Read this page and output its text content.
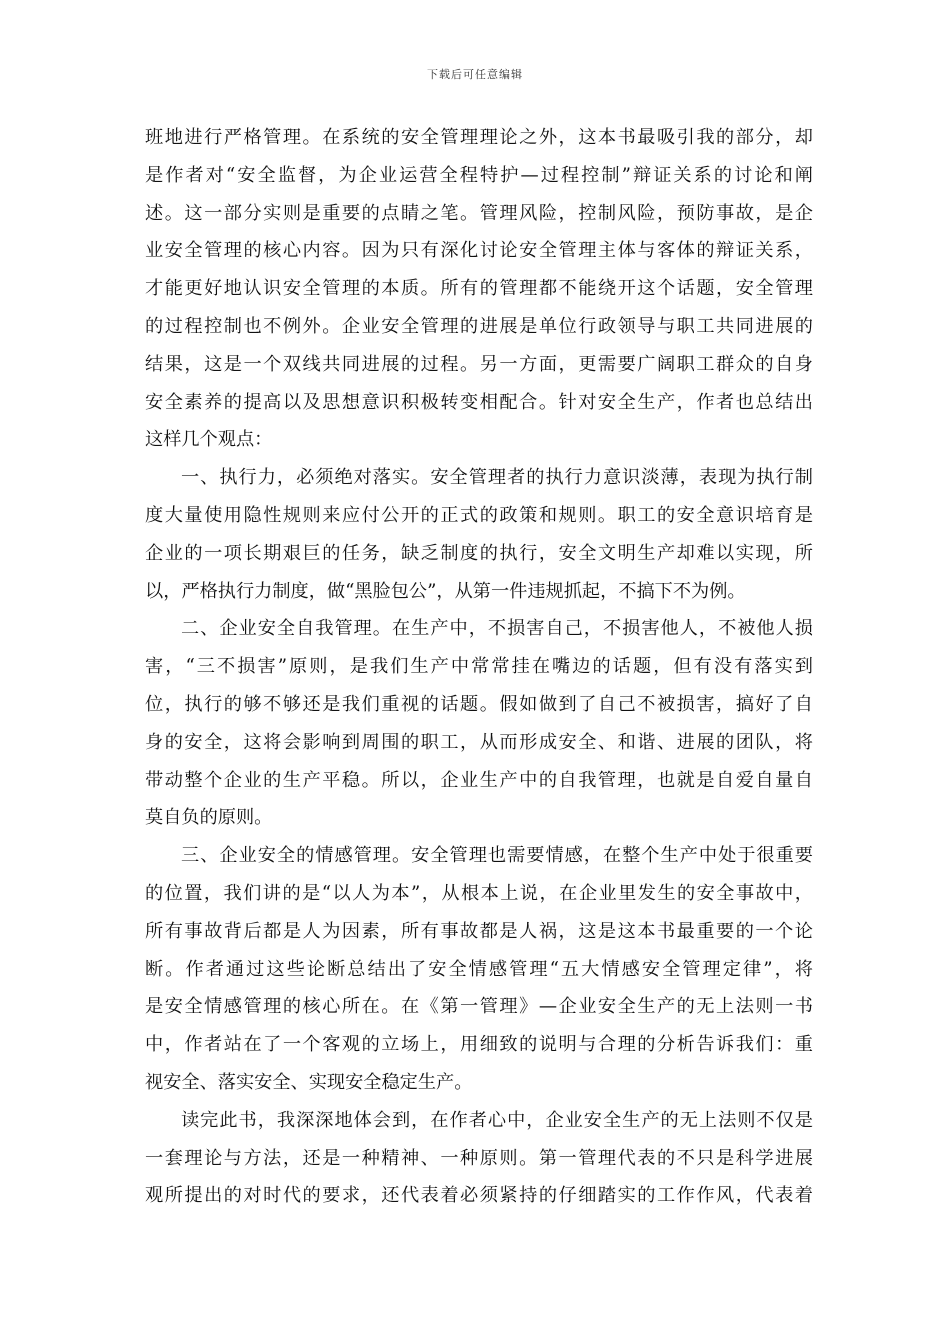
下载后可任意编辑
班地进行严格管理。在系统的安全管理理论之外，这本书最吸引我的部分，却
是作者对“安全监督，为企业运营全程特护—过程控制”辩证关系的讨论和阐
述。这一部分实则是重要的点睛之笔。管理风险，控制风险，预防事故，是企
业安全管理的核心内容。因为只有深化讨论安全管理主体与客体的辩证关系，
才能更好地认识安全管理的本质。所有的管理都不能绕开这个话题，安全管理
的过程控制也不例外。企业安全管理的进展是单位行政领导与职工共同进展的
结果，这是一个双线共同进展的过程。另一方面，更需要广阔职工群众的自身
安全素养的提高以及思想意识积极转变相配合。针对安全生产，作者也总结出
这样几个观点：
一、执行力，必须绝对落实。安全管理者的执行力意识淡薄，表现为执行制
度大量使用隐性规则来应付公开的正式的政策和规则。职工的安全意识培育是
企业的一项长期艰巨的任务，缺乏制度的执行，安全文明生产却难以实现，所
以，严格执行力制度，做“黑脸包公”，从第一件违规抓起，不搞下不为例。
二、企业安全自我管理。在生产中，不损害自己，不损害他人，不被他人损
害，“三不损害”原则，是我们生产中常常挂在嘴边的话题，但有没有落实到
位，执行的够不够还是我们重视的话题。假如做到了自己不被损害，搞好了自
身的安全，这将会影响到周围的职工，从而形成安全、和谐、进展的团队，将
带动整个企业的生产平稳。所以，企业生产中的自我管理，也就是自爱自量自
莫自负的原则。
三、企业安全的情感管理。安全管理也需要情感，在整个生产中处于很重要
的位置，我们讲的是“以人为本”，从根本上说，在企业里发生的安全事故中，
所有事故背后都是人为因素，所有事故都是人祸，这是这本书最重要的一个论
断。作者通过这些论断总结出了安全情感管理“五大情感安全管理定律”，将
是安全情感管理的核心所在。在《第一管理》—企业安全生产的无上法则一书
中，作者站在了一个客观的立场上，用细致的说明与合理的分析告诉我们：重
视安全、落实安全、实现安全稳定生产。
读完此书，我深深地体会到，在作者心中，企业安全生产的无上法则不仅是
一套理论与方法，还是一种精神、一种原则。第一管理代表的不只是科学进展
观所提出的对时代的要求，还代表着必须紧持的仔细踏实的工作作风，代表着
